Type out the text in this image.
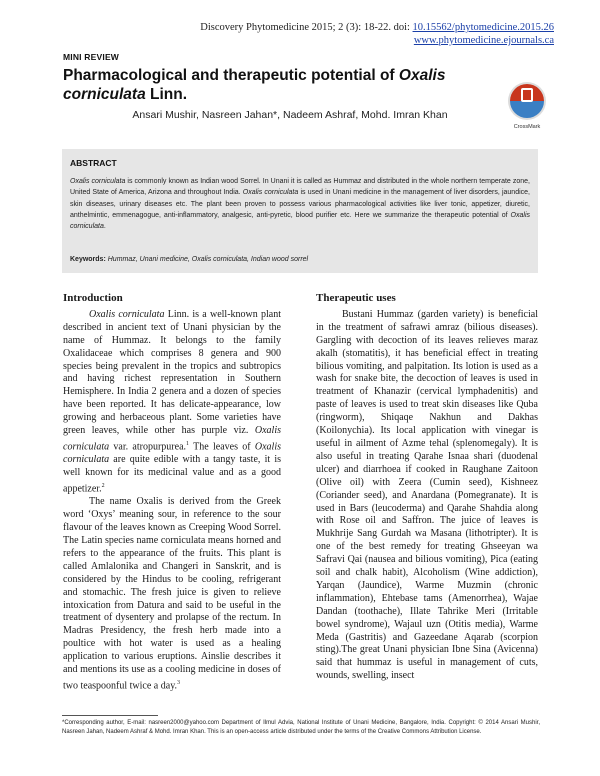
Discovery Phytomedicine 2015; 2 (3): 18-22. doi: 10.15562/phytomedicine.2015.26
www.phytomedicine.ejournals.ca
MINI REVIEW
Pharmacological and therapeutic potential of Oxalis corniculata Linn.
Ansari Mushir, Nasreen Jahan*, Nadeem Ashraf, Mohd. Imran Khan
CrossMark
ABSTRACT
Oxalis corniculata is commonly known as Indian wood Sorrel. In Unani it is called as Hummaz and distributed in the whole northern temperate zone, United State of America, Arizona and throughout India. Oxalis corniculata is used in Unani medicine in the management of liver disorders, jaundice, skin diseases, urinary diseases etc. The plant been proven to possess various pharmacological activities like liver tonic, appetizer, diuretic, anthelmintic, emmenagogue, anti-inflammatory, analgesic, anti-pyretic, blood purifier etc. Here we summarize the therapeutic potential of Oxalis corniculata.
Keywords: Hummaz, Unani medicine, Oxalis corniculata, Indian wood sorrel
Introduction

Oxalis corniculata Linn. is a well-known plant described in ancient text of Unani physician by the name of Hummaz. It belongs to the family Oxalidaceae which comprises 8 genera and 900 species being prevalent in the tropics and subtropics and having richest representation in Southern Hemisphere. In India 2 genera and a dozen of species have been reported. It has delicate-appearance, low growing and herbaceous plant. Some varieties have green leaves, while other has purple viz. Oxalis corniculata var. atropurpurea.$^1$ The leaves of Oxalis corniculata are quite edible with a tangy taste, it is well known for its medicinal value and as a good appetizer.$^2$

The name Oxalis is derived from the Greek word ‘Oxys’ meaning sour, in reference to the sour flavour of the leaves known as Creeping Wood Sorrel. The Latin species name corniculata means horned and refers to the appearance of the fruits. This plant is called Amlalonika and Changeri in Sanskrit, and is considered by the Hindus to be cooling, refrigerant and stomachic. The fresh juice is given to relieve intoxication from Datura and said to be useful in the treatment of dysentery and prolapse of the rectum. In Madras Presidency, the fresh herb made into a poultice with hot water is used as a healing application to various eruptions. Ainslie describes it and mentions its use as a cooling medicine in doses of two teaspoonful twice a day.$^3$

Therapeutic uses

Bustani Hummaz (garden variety) is beneficial in the treatment of safrawi amraz (bilious diseases). Gargling with decoction of its leaves relieves maraz akalh (stomatitis), it has beneficial effect in treating bilious vomiting, and palpitation. Its lotion is used as a wash for snake bite, the decoction of leaves is used in treatment of Khanazir (cervical lymphadenitis) and paste of leaves is used to treat skin diseases like Quba (ringworm), Shiqaqe Nakhun and Dakhas (Koilonychia). Its local application with vinegar is useful in ailment of Azme tehal (splenomegaly). It is also useful in treating Qarahe Isnaa shari (duodenal ulcer) and diarrhoea if cooked in Raughane Zaitoon (Olive oil) with Zeera (Cumin seed), Kishneez (Coriander seed), and Anardana (Pomegranate). It is used in Bars (leucoderma) and Qarahe Shahdia along with Rose oil and Saffron. The juice of leaves is Mukhrije Sang Gurdah wa Masana (lithotripter). It is one of the best remedy for treating Ghseeyan wa Safravi Qai (nausea and bilious vomiting), Pica (eating soil and chalk habit), Alcoholism (Wine addiction), Yarqan (Jaundice), Warme Muzmin (chronic inflammation), Ehtebase tams (Amenorrhea), Wajae Dandan (toothache), Illate Tahrike Meri (Irritable bowel syndrome), Wajaul uzn (Otitis media), Warme Meda (Gastritis) and Gazeedane Aqarab (scorpion sting).The great Unani physician Ibne Sina (Avicenna) said that hummaz is useful in management of cuts, wounds, swelling, insect

*Corresponding author, E-mail: nasreen2000@yahoo.com Department of Ilmul Advia, National Institute of Unani Medicine, Bangalore, India. Copyright: © 2014 Ansari Mushir, Nasreen Jahan, Nadeem Ashraf & Mohd. Imran Khan. This is an open-access article distributed under the terms of the Creative Commons Attribution License.
